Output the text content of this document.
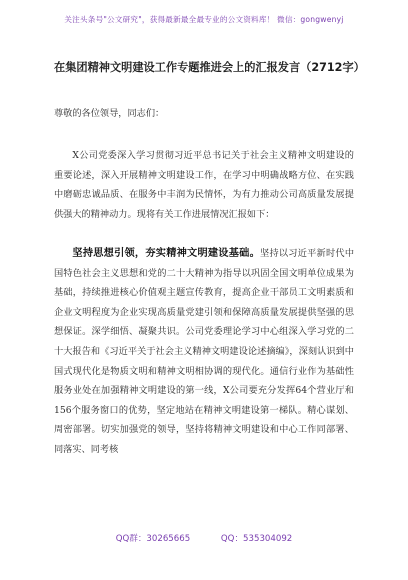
关注头条号"公文研究"，获得最新最全最专业的公文资料库！ 微信：gongwenyj
在集团精神文明建设工作专题推进会上的汇报发言（2712字）
尊敬的各位领导，同志们：
X公司党委深入学习贯彻习近平总书记关于社会主义精神文明建设的重要论述，深入开展精神文明建设工作，在学习中明确战略方位、在实践中磨砺忠诚品质、在服务中丰润为民情怀，为有力推动公司高质量发展提供强大的精神动力。现将有关工作进展情况汇报如下：
坚持思想引领，夯实精神文明建设基础。坚持以习近平新时代中国特色社会主义思想和党的二十大精神为指导以巩固全国文明单位成果为基础，持续推进核心价值观主题宣传教育，提高企业干部员工文明素质和企业文明程度为企业实现高质量党建引领和保障高质量发展提供坚强的思想保证。深学细悟、凝聚共识。公司党委理论学习中心组深入学习党的二十大报告和《习近平关于社会主义精神文明建设论述摘编》，深刻认识到中国式现代化是物质文明和精神文明相协调的现代化。通信行业作为基础性服务业处在加强精神文明建设的第一线，X公司要充分发挥64个营业厅和156个服务窗口的优势，坚定地站在精神文明建设第一梯队。精心谋划、周密部署。切实加强党的领导，坚持将精神文明建设和中心工作同部署、同落实、同考核
QQ群：30265665	QQ：535304092
